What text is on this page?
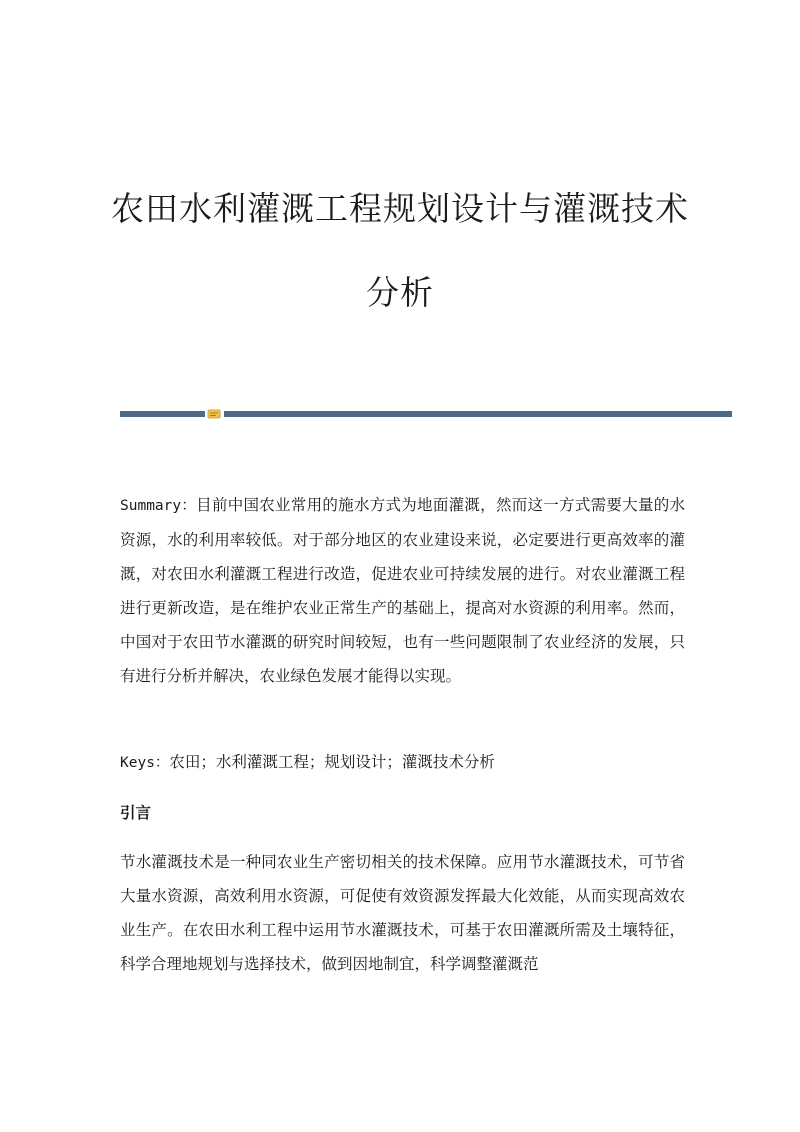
农田水利灌溉工程规划设计与灌溉技术
分析
Summary：目前中国农业常用的施水方式为地面灌溉，然而这一方式需要大量的水资源，水的利用率较低。对于部分地区的农业建设来说，必定要进行更高效率的灌溉，对农田水利灌溉工程进行改造，促进农业可持续发展的进行。对农业灌溉工程进行更新改造，是在维护农业正常生产的基础上，提高对水资源的利用率。然而，中国对于农田节水灌溉的研究时间较短，也有一些问题限制了农业经济的发展，只有进行分析并解决，农业绿色发展才能得以实现。
Keys：农田；水利灌溉工程；规划设计；灌溉技术分析
引言
节水灌溉技术是一种同农业生产密切相关的技术保障。应用节水灌溉技术，可节省大量水资源，高效利用水资源，可促使有效资源发挥最大化效能，从而实现高效农业生产。在农田水利工程中运用节水灌溉技术，可基于农田灌溉所需及土壤特征，科学合理地规划与选择技术，做到因地制宜，科学调整灌溉范
